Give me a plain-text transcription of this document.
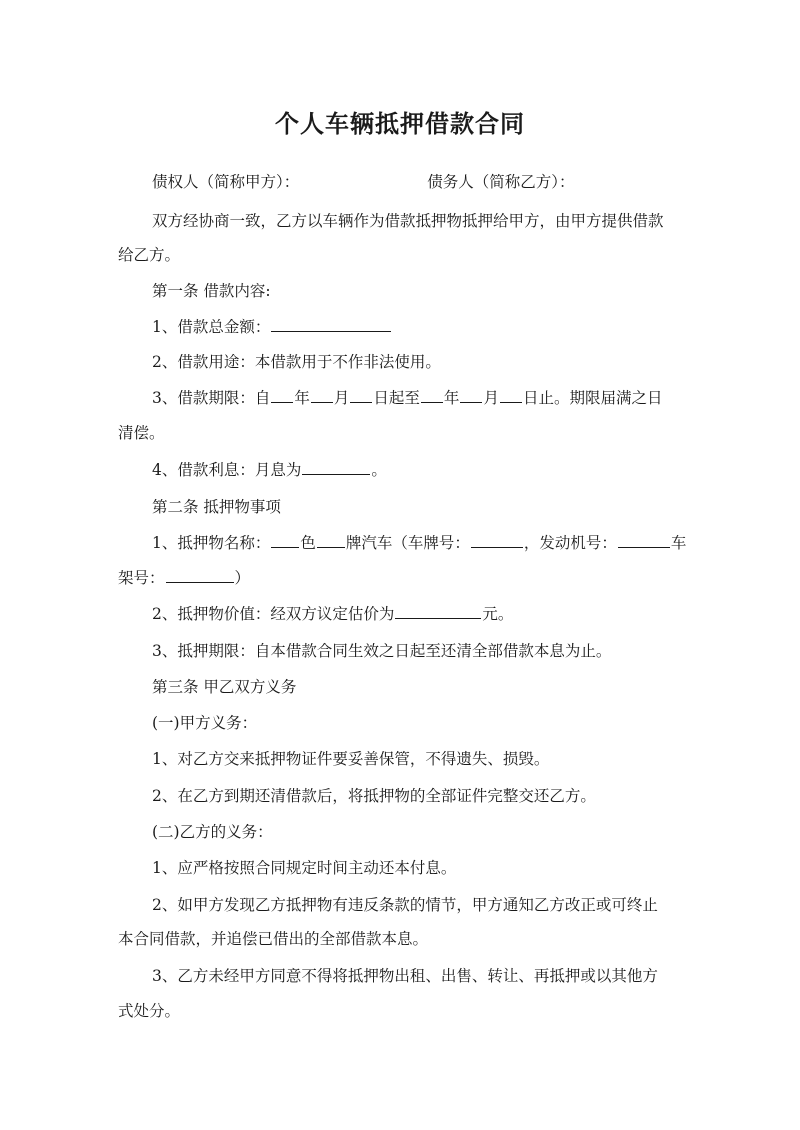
个人车辆抵押借款合同
债权人（简称甲方）：	债务人（简称乙方）：
双方经协商一致，乙方以车辆作为借款抵押物抵押给甲方，由甲方提供借款
给乙方。
第一条 借款内容:
1、借款总金额：
2、借款用途：本借款用于不作非法使用。
3、借款期限：自 年 月 日起至 年 月 日止。期限届满之日
清偿。
4、借款利息：月息为	。
第二条 抵押物事项
1、抵押物名称： 色 牌汽车（车牌号：	，发动机号：	车
架号：	）
2、抵押物价值：经双方议定估价为	元。
3、抵押期限：自本借款合同生效之日起至还清全部借款本息为止。
第三条 甲乙双方义务
(一)甲方义务：
1、对乙方交来抵押物证件要妥善保管，不得遗失、损毁。
2、在乙方到期还清借款后，将抵押物的全部证件完整交还乙方。
(二)乙方的义务：
1、应严格按照合同规定时间主动还本付息。
2、如甲方发现乙方抵押物有违反条款的情节，甲方通知乙方改正或可终止
本合同借款，并追偿已借出的全部借款本息。
3、乙方未经甲方同意不得将抵押物出租、出售、转让、再抵押或以其他方
式处分。
